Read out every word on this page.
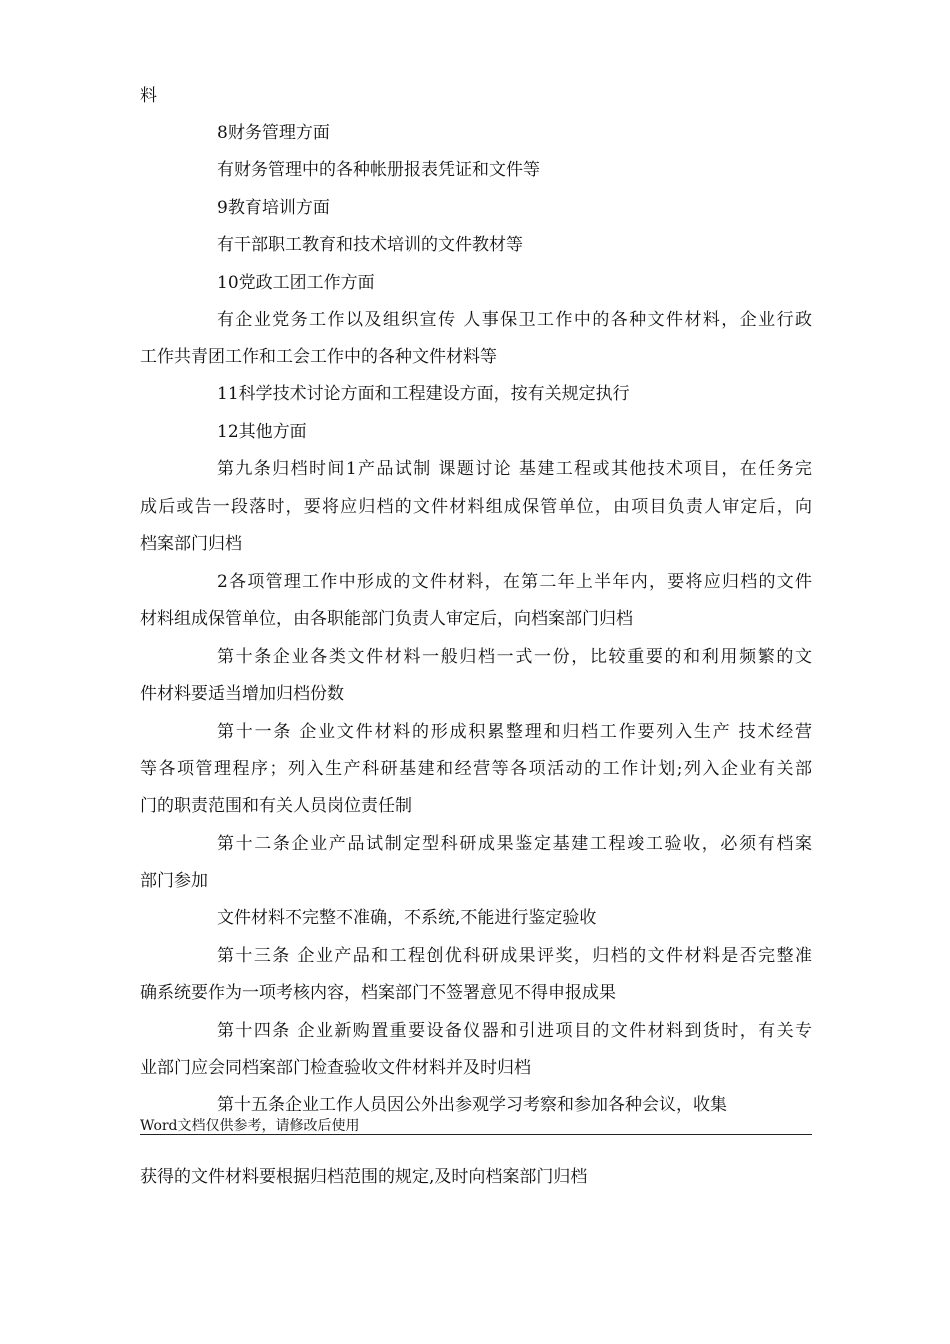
料
8财务管理方面
有财务管理中的各种帐册报表凭证和文件等
9教育培训方面
有干部职工教育和技术培训的文件教材等
10党政工团工作方面
有企业党务工作以及组织宣传 人事保卫工作中的各种文件材料，企业行政
工作共青团工作和工会工作中的各种文件材料等
11科学技术讨论方面和工程建设方面，按有关规定执行
12其他方面
第九条归档时间1产品试制 课题讨论 基建工程或其他技术项目，在任务完
成后或告一段落时，要将应归档的文件材料组成保管单位，由项目负责人审定后，向
档案部门归档
2各项管理工作中形成的文件材料，在第二年上半年内，要将应归档的文件
材料组成保管单位，由各职能部门负责人审定后，向档案部门归档
第十条企业各类文件材料一般归档一式一份，比较重要的和利用频繁的文
件材料要适当增加归档份数
第十一条 企业文件材料的形成积累整理和归档工作要列入生产 技术经营
等各项管理程序；列入生产科研基建和经营等各项活动的工作计划;列入企业有关部
门的职责范围和有关人员岗位责任制
第十二条企业产品试制定型科研成果鉴定基建工程竣工验收，必须有档案
部门参加
文件材料不完整不准确，不系统,不能进行鉴定验收
第十三条 企业产品和工程创优科研成果评奖，归档的文件材料是否完整准
确系统要作为一项考核内容，档案部门不签署意见不得申报成果
第十四条 企业新购置重要设备仪器和引进项目的文件材料到货时，有关专
业部门应会同档案部门检查验收文件材料并及时归档
第十五条企业工作人员因公外出参观学习考察和参加各种会议，收集
Word文档仅供参考，请修改后使用
获得的文件材料要根据归档范围的规定,及时向档案部门归档
